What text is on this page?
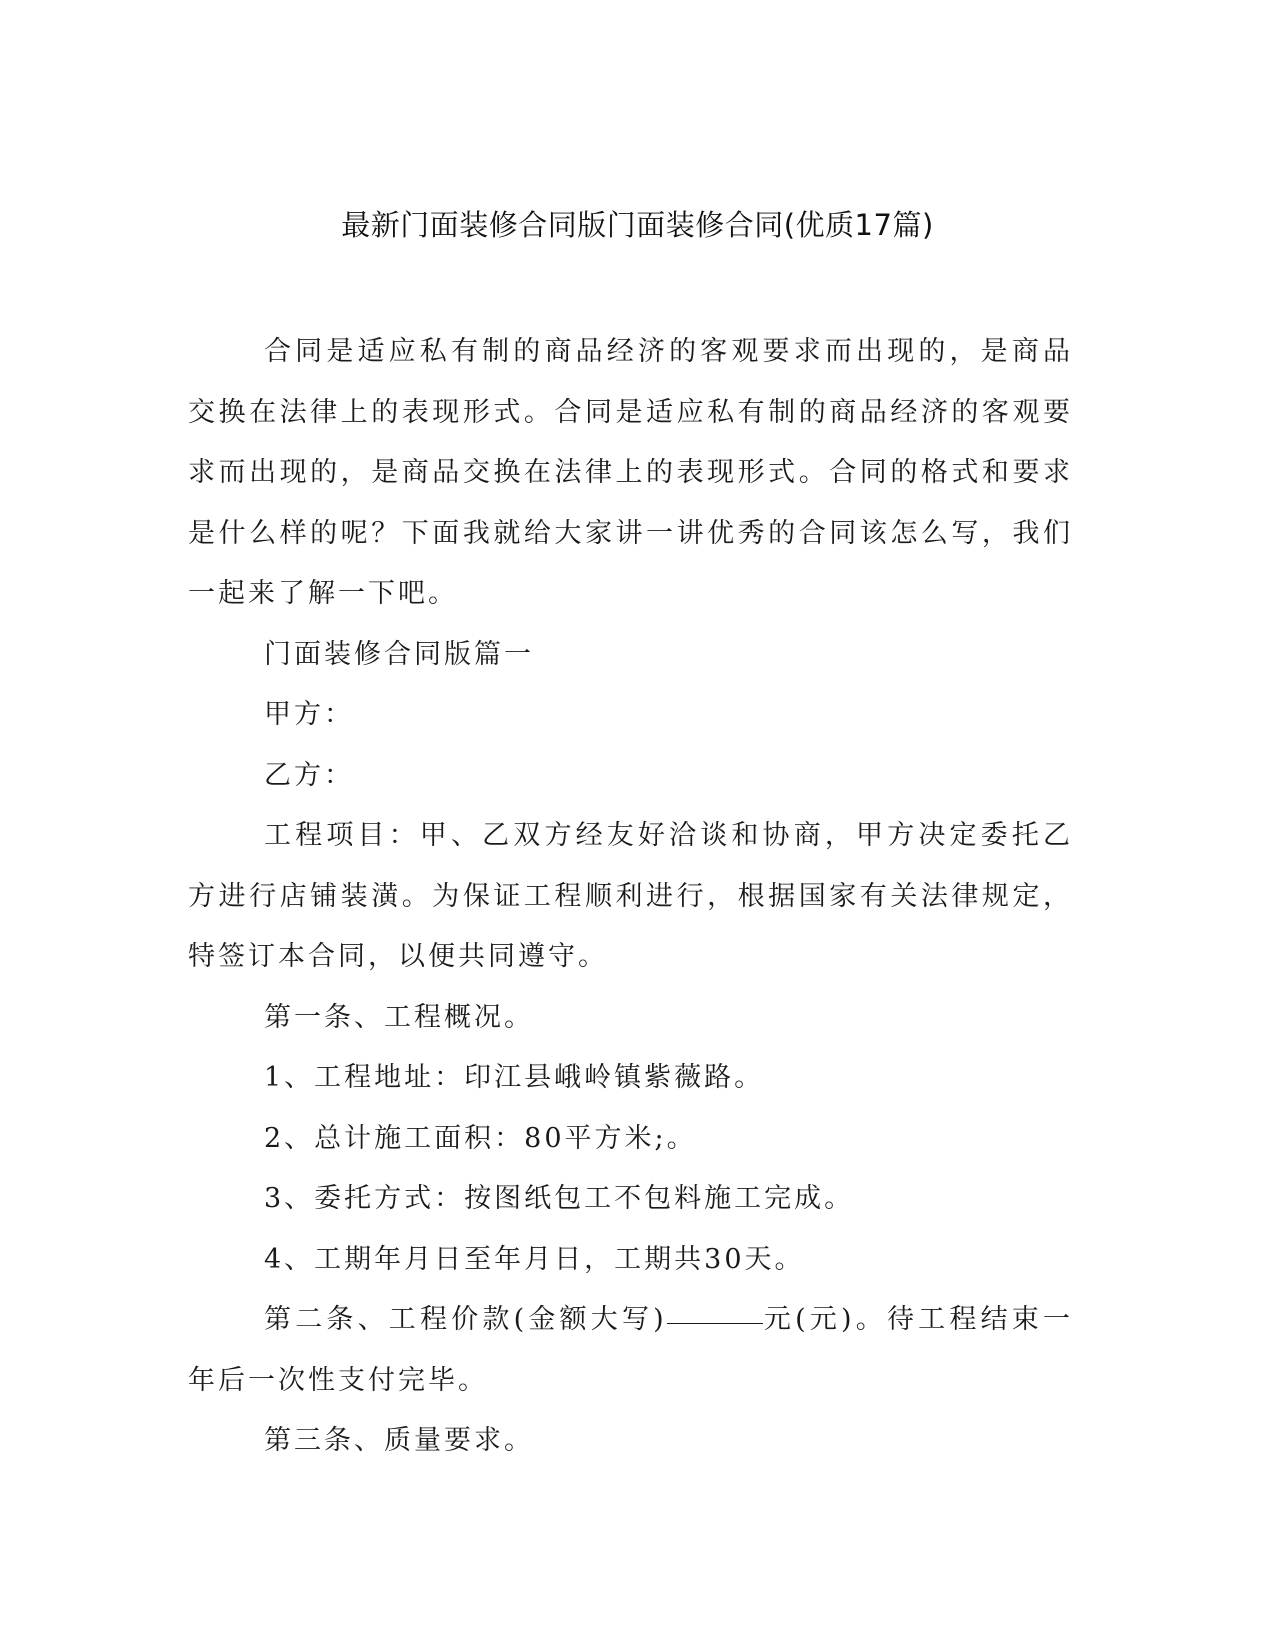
最新门面装修合同版门面装修合同(优质17篇)

合同是适应私有制的商品经济的客观要求而出现的，是商品交换在法律上的表现形式。合同是适应私有制的商品经济的客观要求而出现的，是商品交换在法律上的表现形式。合同的格式和要求是什么样的呢？下面我就给大家讲一讲优秀的合同该怎么写，我们一起来了解一下吧。

门面装修合同版篇一

甲方：

乙方：

工程项目：甲、乙双方经友好洽谈和协商，甲方决定委托乙方进行店铺装潢。为保证工程顺利进行，根据国家有关法律规定，特签订本合同，以便共同遵守。

第一条、工程概况。

1、工程地址：印江县峨岭镇紫薇路。

2、总计施工面积：80平方米;。

3、委托方式：按图纸包工不包料施工完成。

4、工期年月日至年月日，工期共30天。

第二条、工程价款(金额大写)	元(元)。待工程结束一年后一次性支付完毕。

第三条、质量要求。
